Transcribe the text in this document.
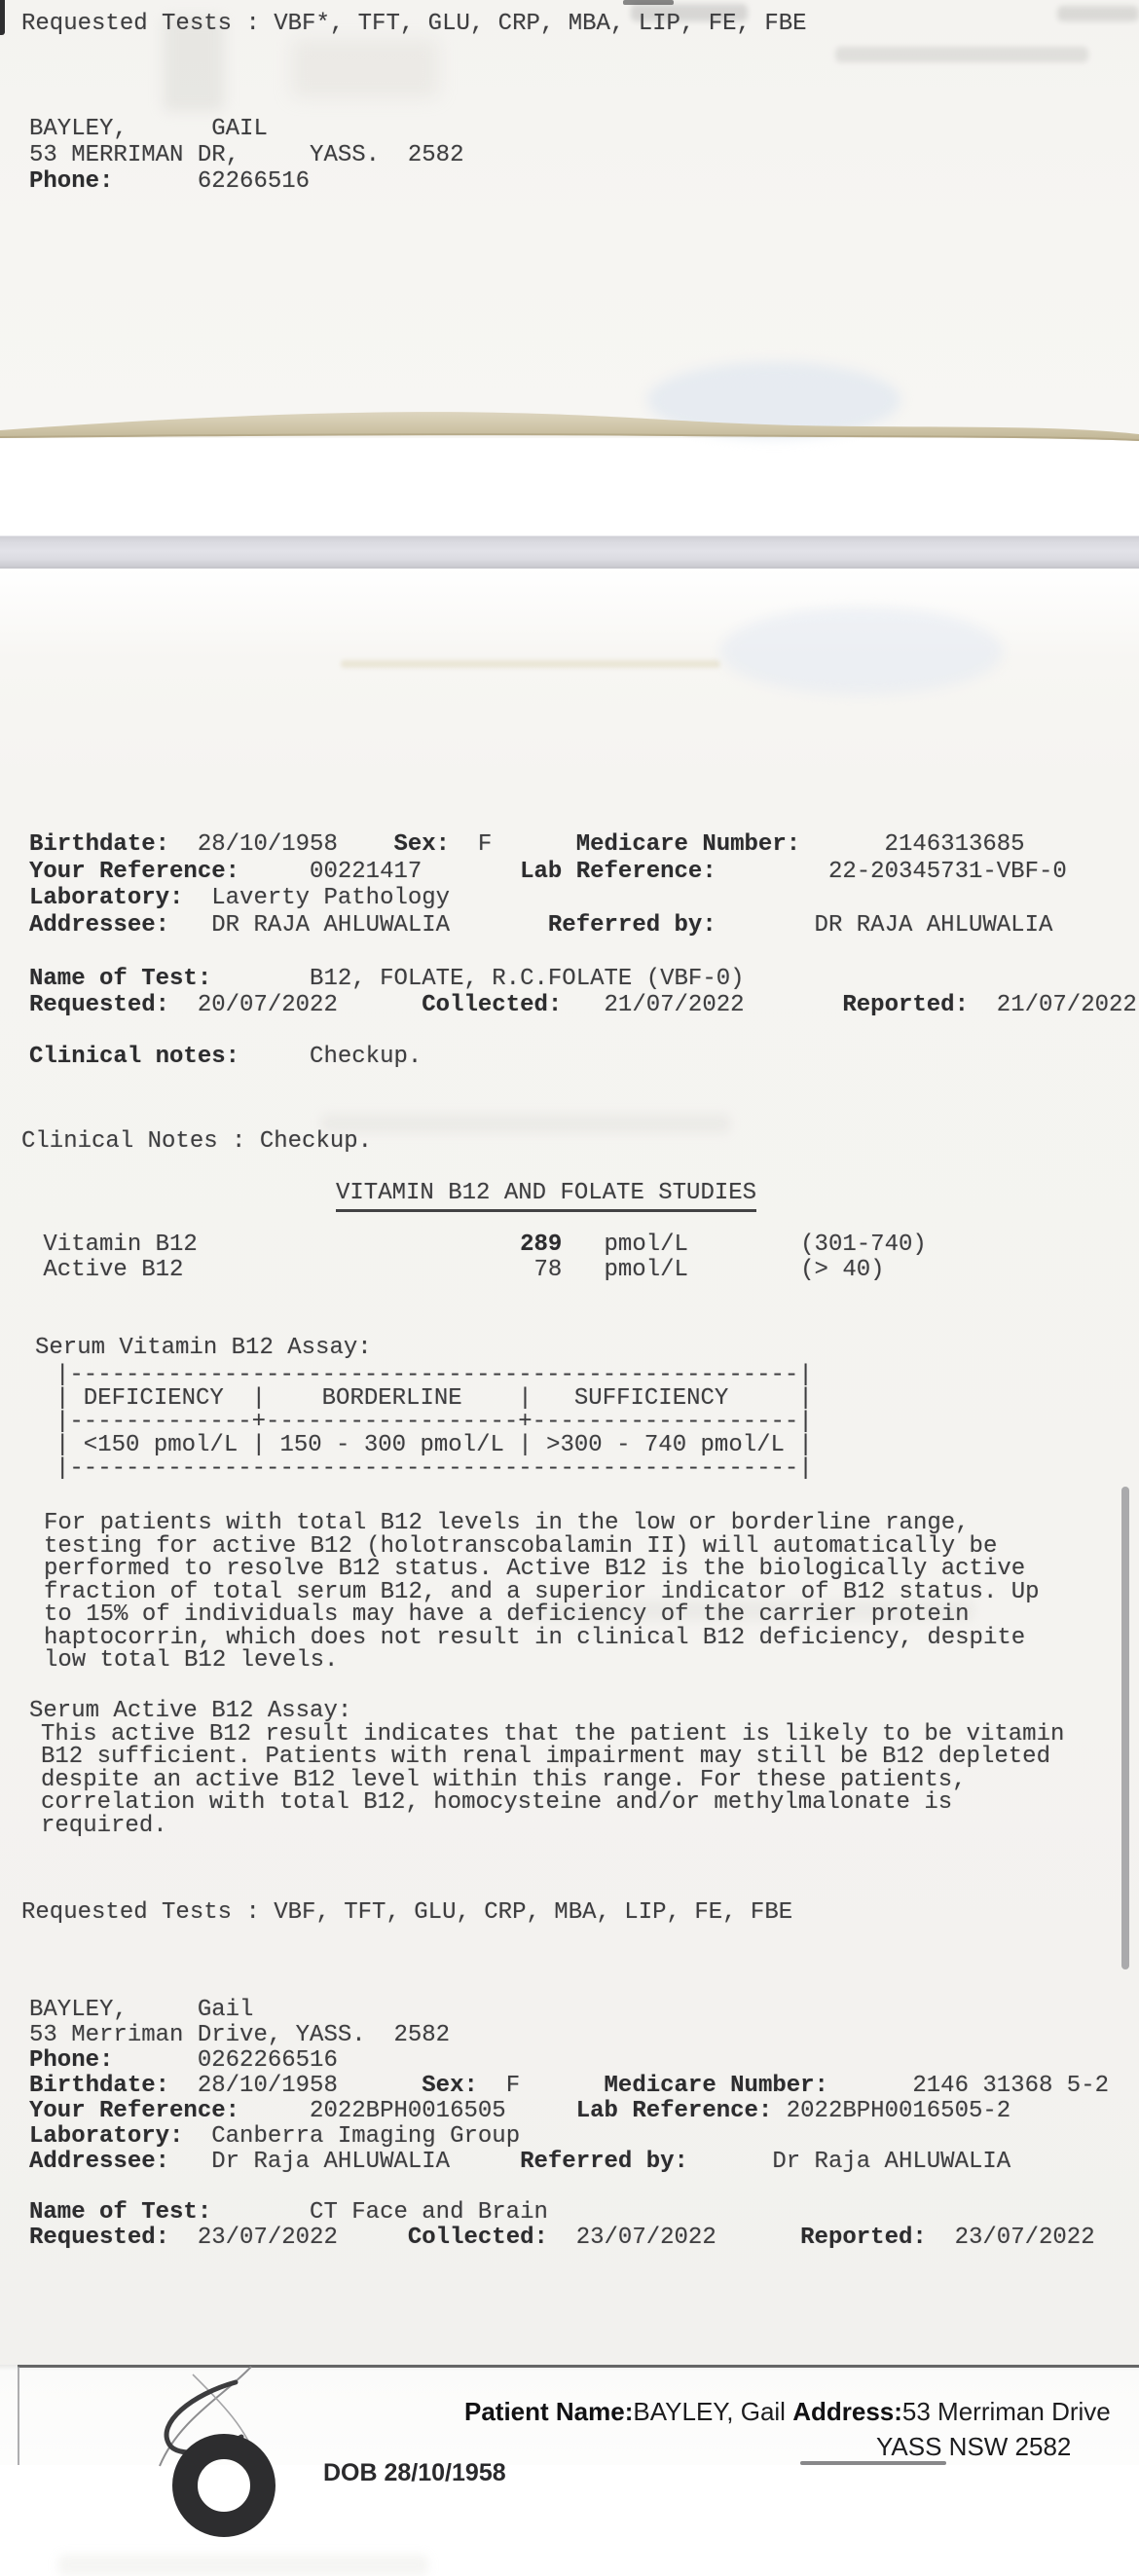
Requested Tests : VBF*, TFT, GLU, CRP, MBA, LIP, FE, FBE
BAYLEY,      GAIL
53 MERRIMAN DR,     YASS.  2582
Phone:      62266516
Birthdate:  28/10/1958    Sex:  F      Medicare Number:      2146313685
Your Reference:     00221417       Lab Reference:        22-20345731-VBF-0
Laboratory:  Laverty Pathology
Addressee:   DR RAJA AHLUWALIA       Referred by:       DR RAJA AHLUWALIA
Name of Test:       B12, FOLATE, R.C.FOLATE (VBF-0)
Requested:  20/07/2022      Collected:   21/07/2022       Reported:  21/07/2022
Clinical notes:     Checkup.
Clinical Notes : Checkup.
VITAMIN B12 AND FOLATE STUDIES
Vitamin B12                       289   pmol/L        (301-740)
Active B12                         78   pmol/L        (> 40)
Serum Vitamin B12 Assay:
|----------------------------------------------------|
| DEFICIENCY  |    BORDERLINE    |   SUFFICIENCY     |
|-------------+------------------+-------------------|
| <150 pmol/L | 150 - 300 pmol/L | >300 - 740 pmol/L |
|----------------------------------------------------|
For patients with total B12 levels in the low or borderline range,
testing for active B12 (holotranscobalamin II) will automatically be
performed to resolve B12 status. Active B12 is the biologically active
fraction of total serum B12, and a superior indicator of B12 status. Up
to 15% of individuals may have a deficiency of the carrier protein
haptocorrin, which does not result in clinical B12 deficiency, despite
low total B12 levels.
Serum Active B12 Assay:
This active B12 result indicates that the patient is likely to be vitamin
B12 sufficient. Patients with renal impairment may still be B12 depleted
despite an active B12 level within this range. For these patients,
correlation with total B12, homocysteine and/or methylmalonate is
required.
Requested Tests : VBF, TFT, GLU, CRP, MBA, LIP, FE, FBE
BAYLEY,     Gail
53 Merriman Drive, YASS.  2582
Phone:      0262266516
Birthdate:  28/10/1958      Sex:  F      Medicare Number:      2146 31368 5-2
Your Reference:     2022BPH0016505     Lab Reference: 2022BPH0016505-2
Laboratory:  Canberra Imaging Group
Addressee:   Dr Raja AHLUWALIA     Referred by:      Dr Raja AHLUWALIA
Name of Test:       CT Face and Brain
Requested:  23/07/2022     Collected:  23/07/2022      Reported:  23/07/2022
Patient Name:BAYLEY, Gail Address:53 Merriman Drive
YASS NSW 2582
DOB 28/10/1958
